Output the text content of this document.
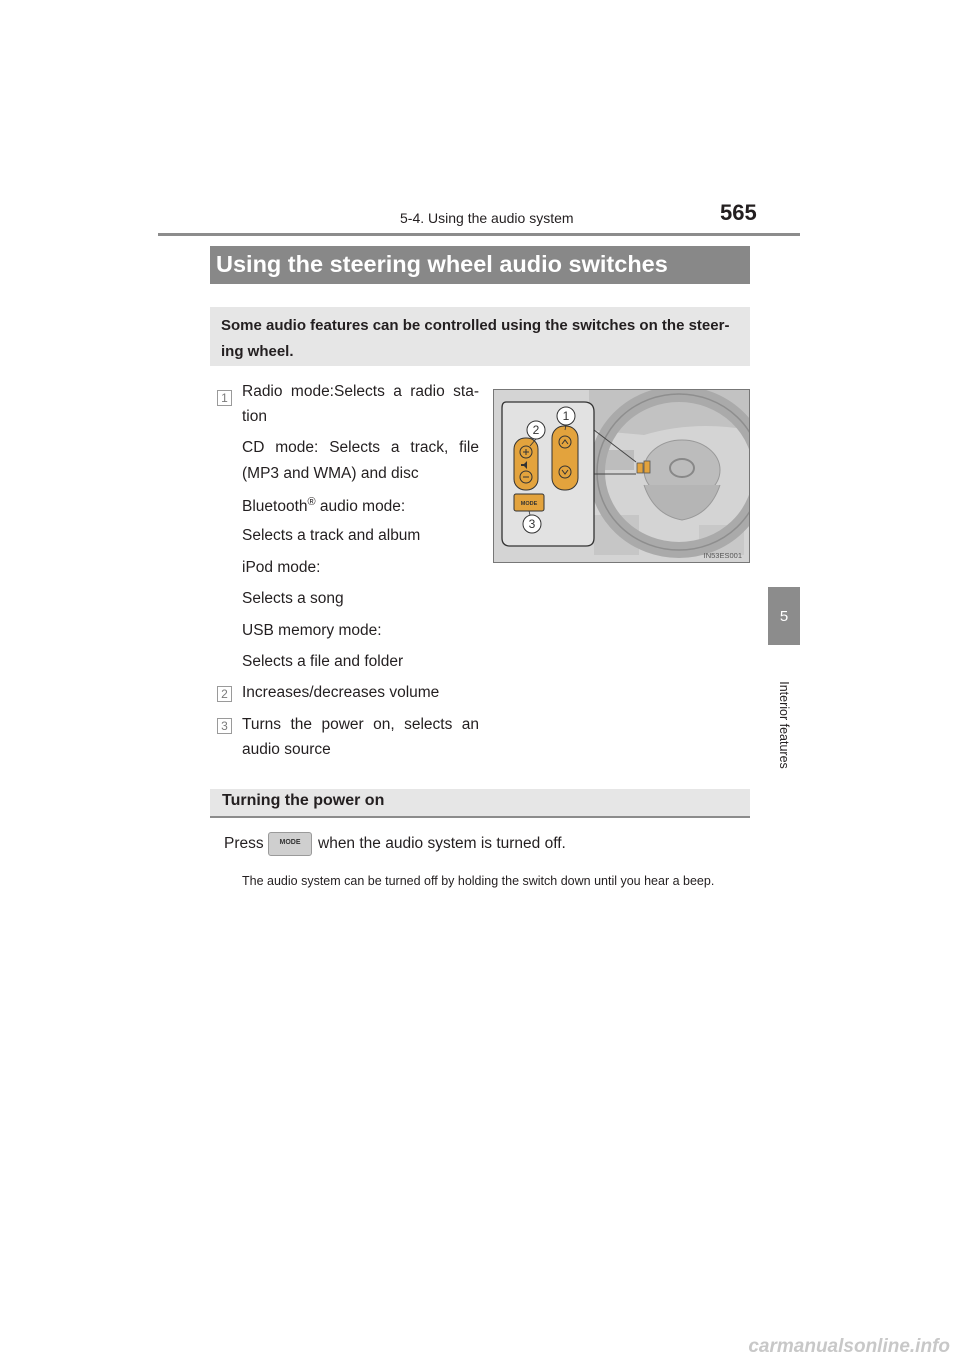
5-4. Using the audio system	565
5
Interior features
Using the steering wheel audio switches
Some audio features can be controlled using the switches on the steer-ing wheel.
1 Radio mode:Selects a radio sta-
tion
CD mode: Selects a track, file
(MP3 and WMA) and disc
Bluetooth® audio mode:
Selects a track and album
iPod mode:
Selects a song
USB memory mode:
Selects a file and folder
2 Increases/decreases volume
3 Turns the power on, selects an
audio source
1
2
3
MODE
IN53ES001
Turning the power on
Press	MODE	when the audio system is turned off.
The audio system can be turned off by holding the switch down until you hear a beep.
carmanualsonline.info
